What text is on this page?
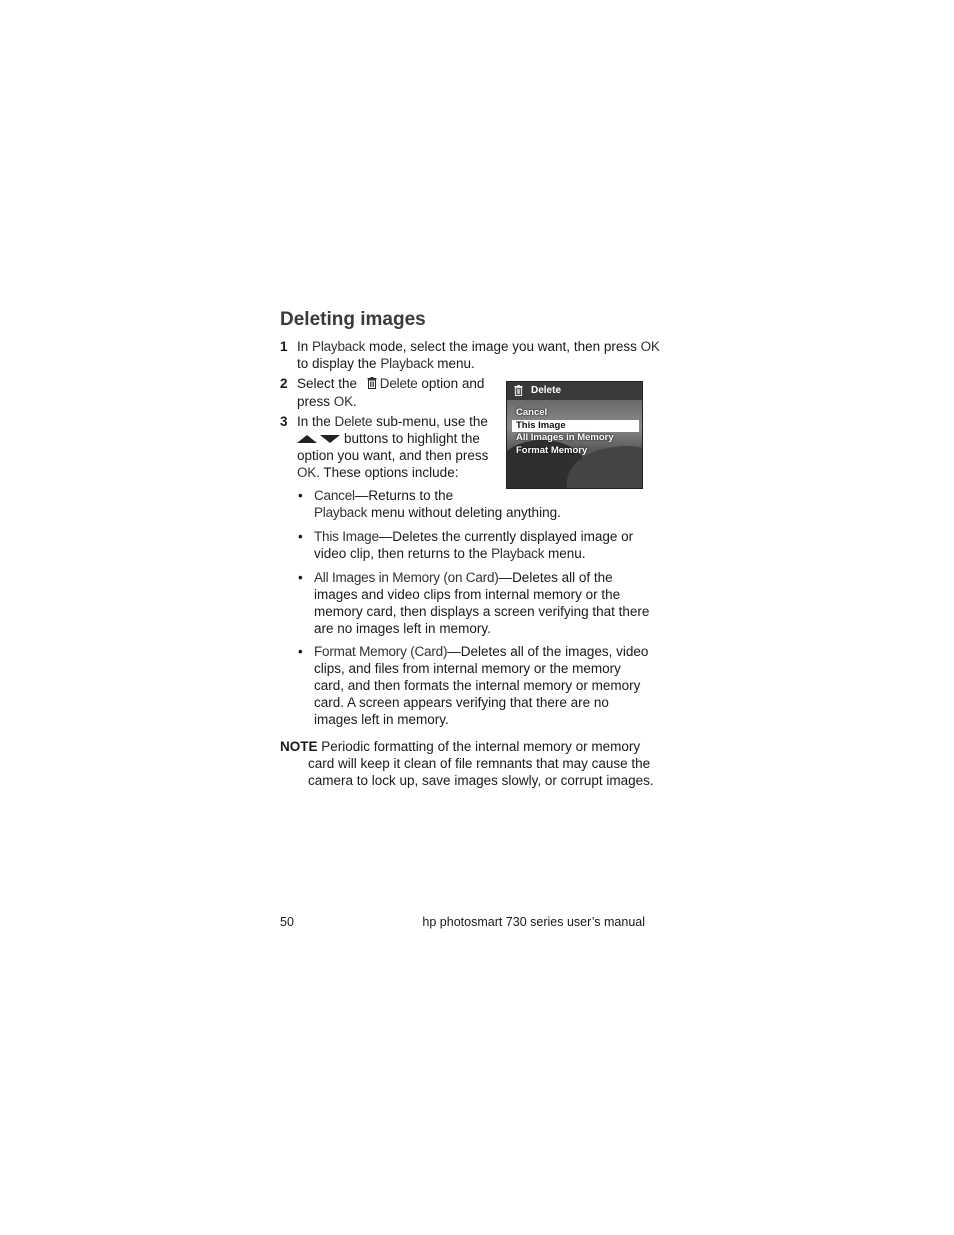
Deleting images
1 In Playback mode, select the image you want, then press OK
to display the Playback menu.
2 Select the Delete option and
press OK.
3 In the Delete sub-menu, use the
buttons to highlight the
option you want, and then press
OK. These options include:
Delete
Cancel
This Image
All Images in Memory
Format Memory
• Cancel—Returns to the
Playback menu without deleting anything.
• This Image—Deletes the currently displayed image or
video clip, then returns to the Playback menu.
• All Images in Memory (on Card)—Deletes all of the
images and video clips from internal memory or the
memory card, then displays a screen verifying that there
are no images left in memory.
• Format Memory (Card)—Deletes all of the images, video
clips, and files from internal memory or the memory
card, and then formats the internal memory or memory
card. A screen appears verifying that there are no
images left in memory.
NOTE Periodic formatting of the internal memory or memory
card will keep it clean of file remnants that may cause the
camera to lock up, save images slowly, or corrupt images.
50	hp photosmart 730 series user’s manual
